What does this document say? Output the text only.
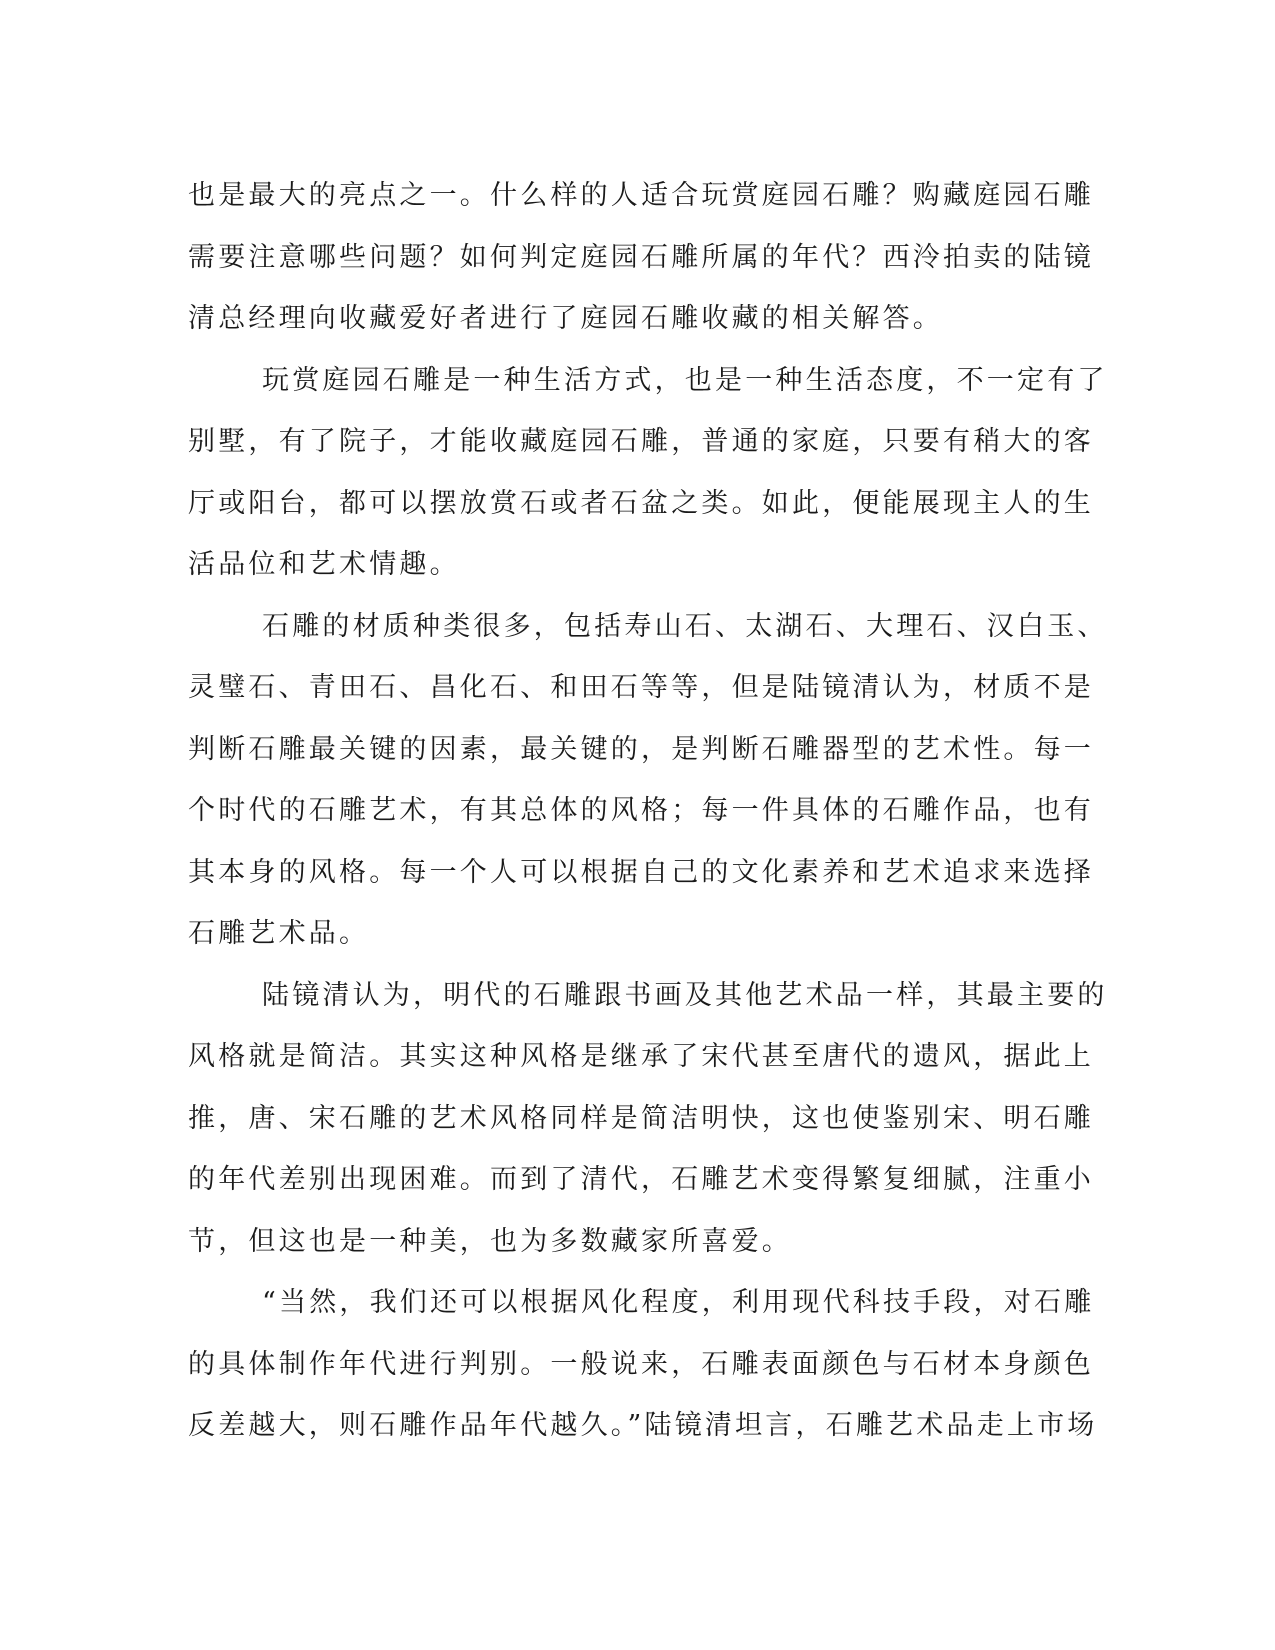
也是最大的亮点之一。什么样的人适合玩赏庭园石雕？购藏庭园石雕
需要注意哪些问题？如何判定庭园石雕所属的年代？西泠拍卖的陆镜
清总经理向收藏爱好者进行了庭园石雕收藏的相关解答。
玩赏庭园石雕是一种生活方式，也是一种生活态度，不一定有了
别墅，有了院子，才能收藏庭园石雕，普通的家庭，只要有稍大的客
厅或阳台，都可以摆放赏石或者石盆之类。如此，便能展现主人的生
活品位和艺术情趣。
石雕的材质种类很多，包括寿山石、太湖石、大理石、汉白玉、
灵璧石、青田石、昌化石、和田石等等，但是陆镜清认为，材质不是
判断石雕最关键的因素，最关键的，是判断石雕器型的艺术性。每一
个时代的石雕艺术，有其总体的风格；每一件具体的石雕作品，也有
其本身的风格。每一个人可以根据自己的文化素养和艺术追求来选择
石雕艺术品。
陆镜清认为，明代的石雕跟书画及其他艺术品一样，其最主要的
风格就是简洁。其实这种风格是继承了宋代甚至唐代的遗风，据此上
推，唐、宋石雕的艺术风格同样是简洁明快，这也使鉴别宋、明石雕
的年代差别出现困难。而到了清代，石雕艺术变得繁复细腻，注重小
节，但这也是一种美，也为多数藏家所喜爱。
“当然，我们还可以根据风化程度，利用现代科技手段，对石雕
的具体制作年代进行判别。一般说来，石雕表面颜色与石材本身颜色
反差越大，则石雕作品年代越久。”陆镜清坦言，石雕艺术品走上市场
